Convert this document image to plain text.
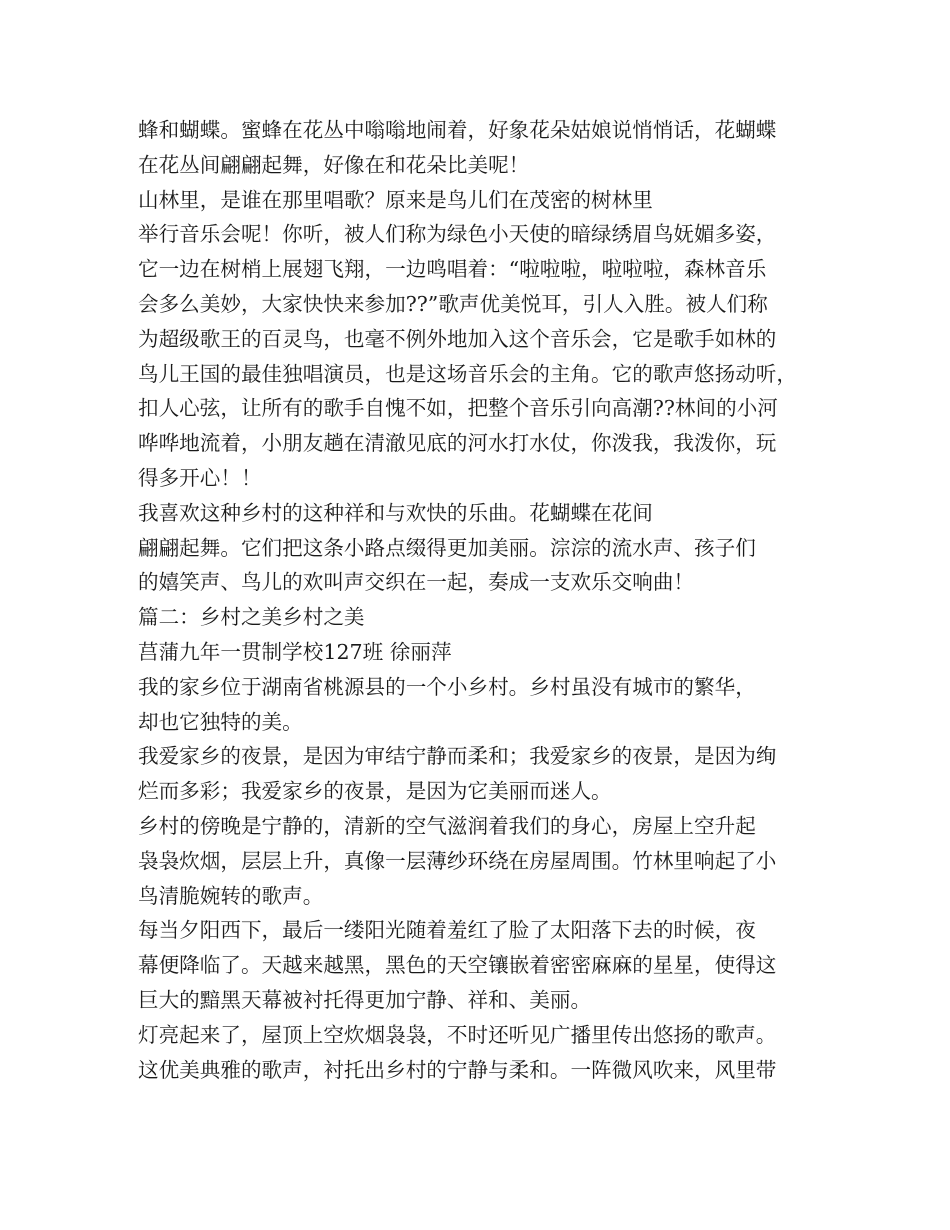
蜂和蝴蝶。蜜蜂在花丛中嗡嗡地闹着，好象花朵姑娘说悄悄话，花蝴蝶
在花丛间翩翩起舞，好像在和花朵比美呢！
山林里，是谁在那里唱歌？原来是鸟儿们在茂密的树林里
举行音乐会呢！你听，被人们称为绿色小天使的暗绿绣眉鸟妩媚多姿，
它一边在树梢上展翅飞翔，一边鸣唱着：“啦啦啦，啦啦啦，森林音乐
会多么美妙，大家快快来参加??”歌声优美悦耳，引人入胜。被人们称
为超级歌王的百灵鸟，也毫不例外地加入这个音乐会，它是歌手如林的
鸟儿王国的最佳独唱演员，也是这场音乐会的主角。它的歌声悠扬动听，
扣人心弦，让所有的歌手自愧不如，把整个音乐引向高潮??林间的小河
哗哗地流着，小朋友趟在清澈见底的河水打水仗，你泼我，我泼你，玩
得多开心！！
我喜欢这种乡村的这种祥和与欢快的乐曲。花蝴蝶在花间
翩翩起舞。它们把这条小路点缀得更加美丽。淙淙的流水声、孩子们
的嬉笑声、鸟儿的欢叫声交织在一起，奏成一支欢乐交响曲！
篇二：乡村之美乡村之美
莒蒲九年一贯制学校127班 徐丽萍
我的家乡位于湖南省桃源县的一个小乡村。乡村虽没有城市的繁华，
却也它独特的美。
我爱家乡的夜景，是因为审结宁静而柔和；我爱家乡的夜景，是因为绚
烂而多彩；我爱家乡的夜景，是因为它美丽而迷人。
乡村的傍晚是宁静的，清新的空气滋润着我们的身心，房屋上空升起
袅袅炊烟，层层上升，真像一层薄纱环绕在房屋周围。竹林里响起了小
鸟清脆婉转的歌声。
每当夕阳西下，最后一缕阳光随着羞红了脸了太阳落下去的时候，夜
幕便降临了。天越来越黑，黑色的天空镶嵌着密密麻麻的星星，使得这
巨大的黯黑天幕被衬托得更加宁静、祥和、美丽。
灯亮起来了，屋顶上空炊烟袅袅，不时还听见广播里传出悠扬的歌声。
这优美典雅的歌声，衬托出乡村的宁静与柔和。一阵微风吹来，风里带
